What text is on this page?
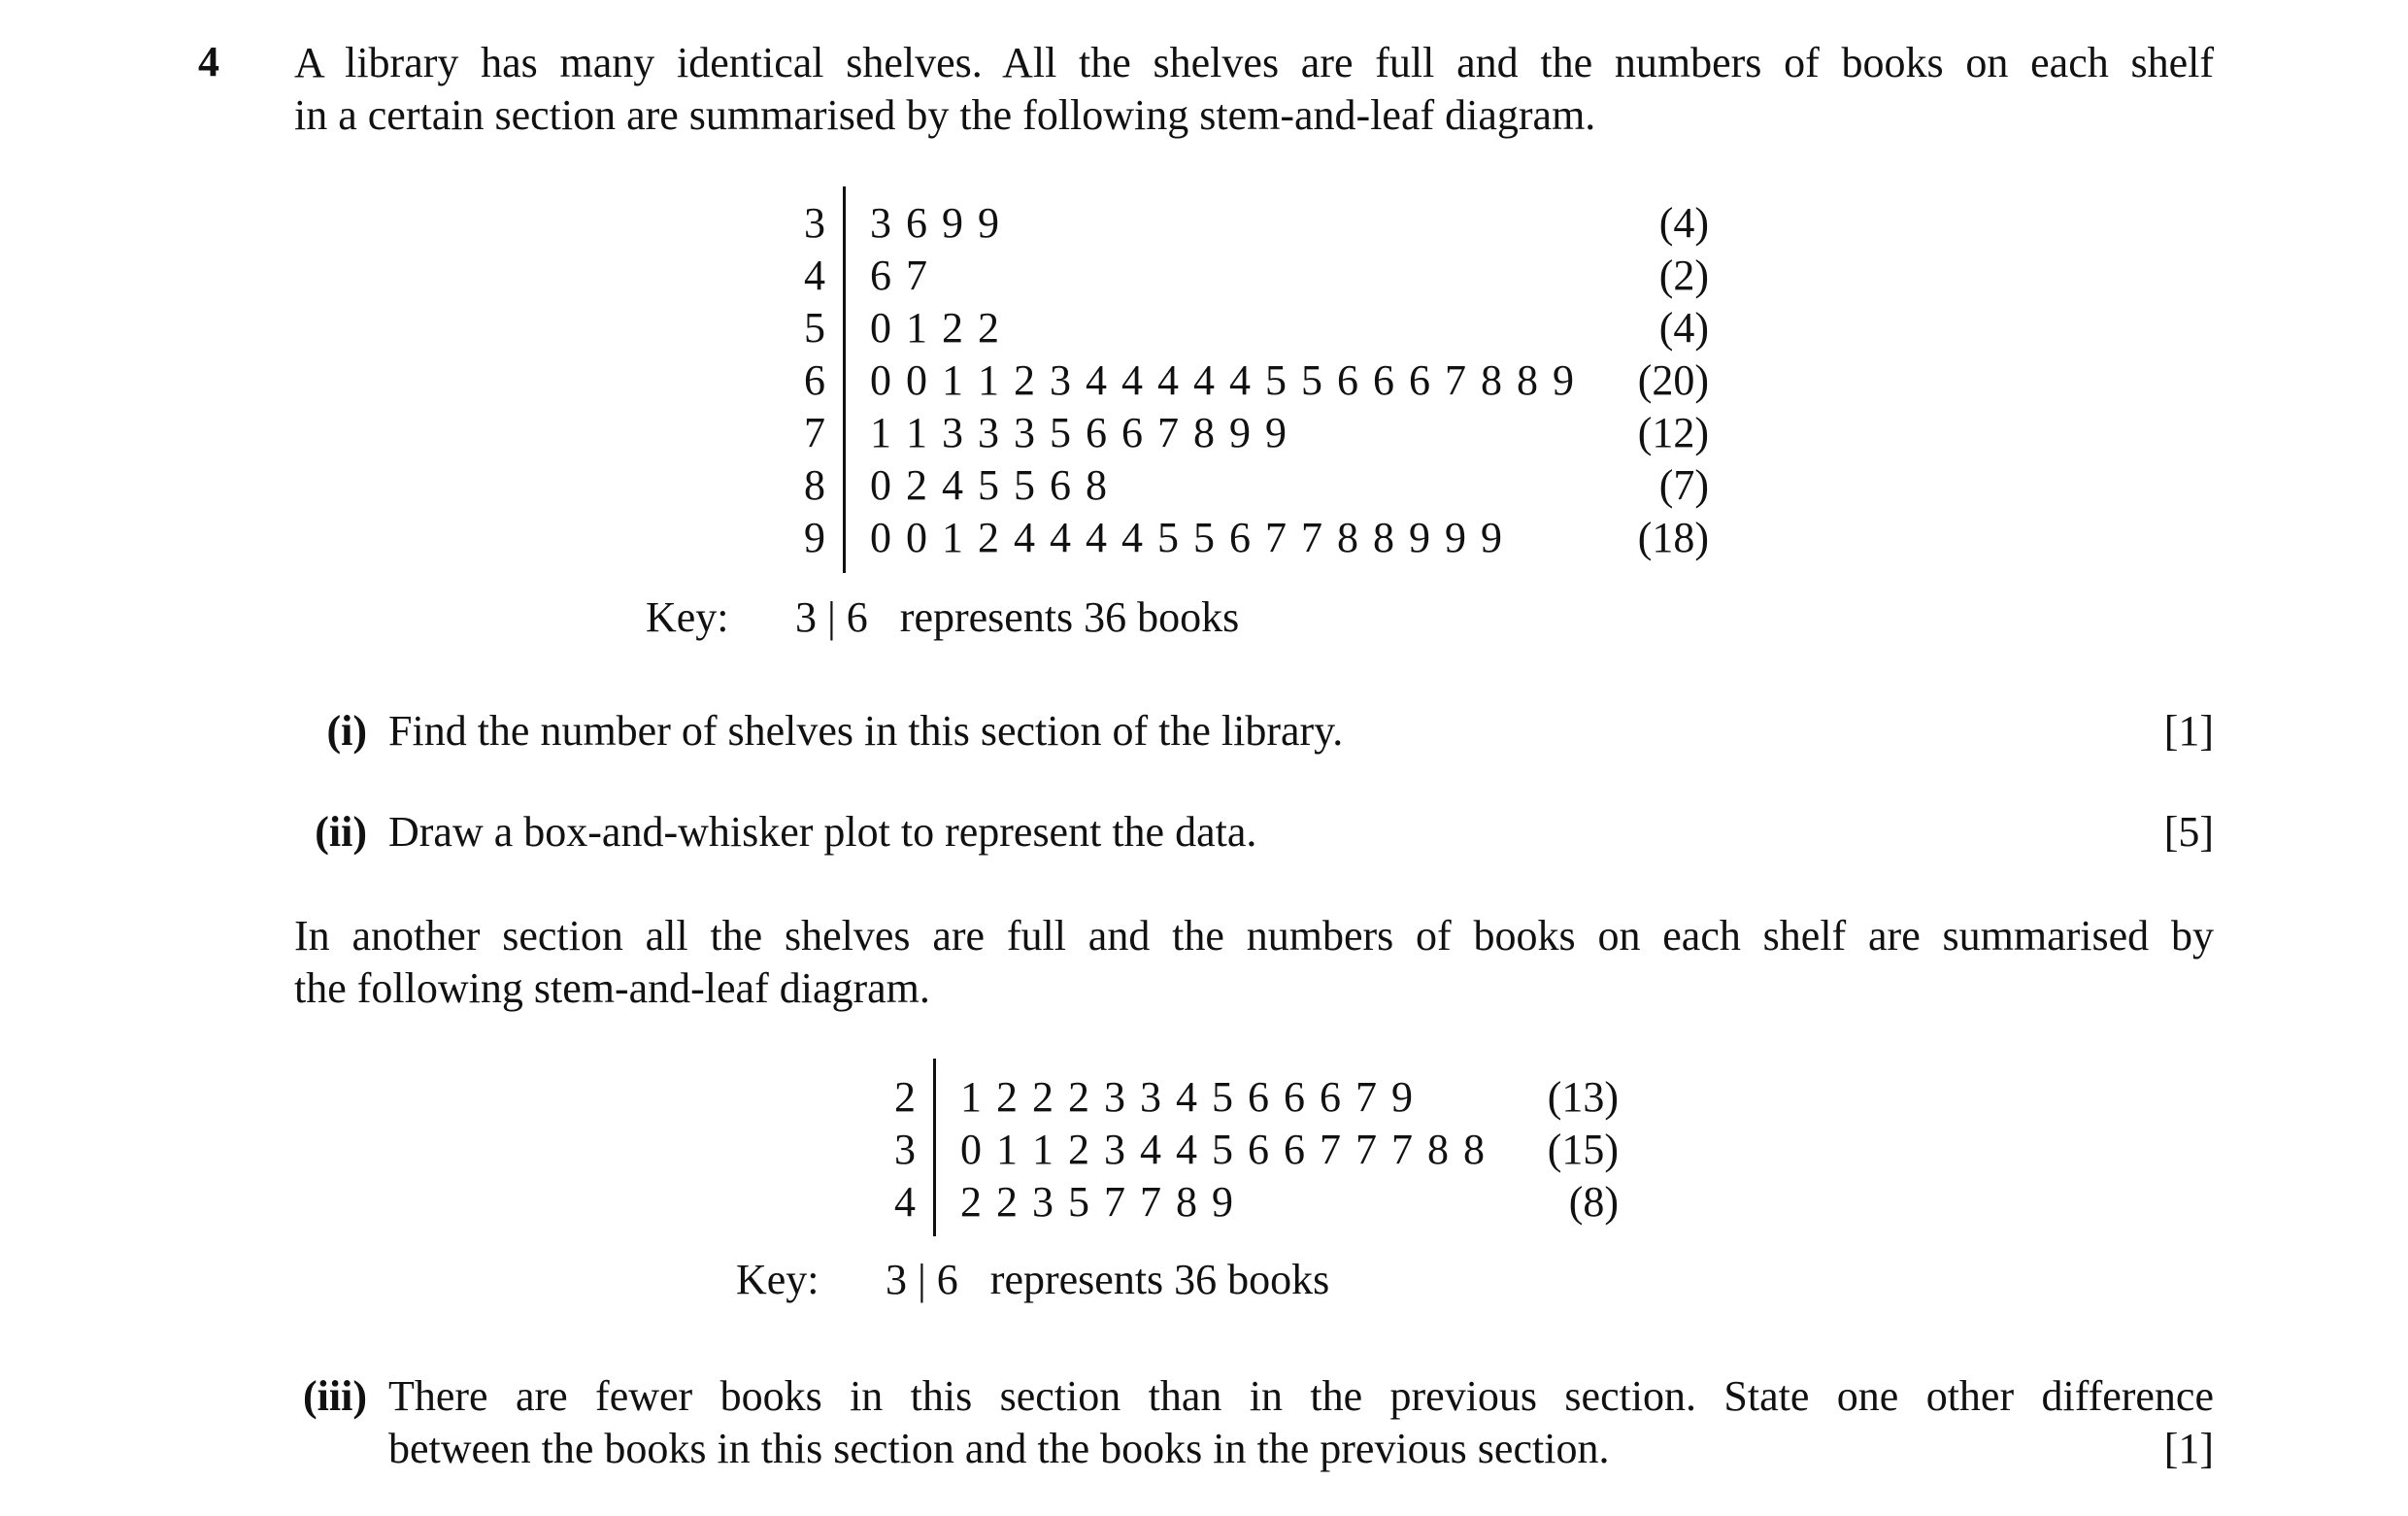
4 A library has many identical shelves. All the shelves are full and the numbers of books on each shelf
in a certain section are summarised by the following stem-and-leaf diagram.
3 3 6 9 9	(4)
4 6 7	(2)
5 0 1 2 2	(4)
6 0 0 1 1 2 3 4 4 4 4 4 5 5 6 6 6 7 8 8 9	(20)
7 1 1 3 3 3 5 6 6 7 8 9 9	(12)
8 0 2 4 5 5 6 8	(7)
9 0 0 1 2 4 4 4 4 5 5 6 7 7 8 8 9 9 9	(18)
Key: 3 | 6   represents 36 books
(i) Find the number of shelves in this section of the library.	[1]
(ii) Draw a box-and-whisker plot to represent the data.	[5]
In another section all the shelves are full and the numbers of books on each shelf are summarised by
the following stem-and-leaf diagram.
2 1 2 2 2 3 3 4 5 6 6 6 7 9	(13)
3 0 1 1 2 3 4 4 5 6 6 7 7 7 8 8	(15)
4 2 2 3 5 7 7 8 9	(8)
Key: 3 | 6   represents 36 books
(iii) There are fewer books in this section than in the previous section. State one other difference
between the books in this section and the books in the previous section.	[1]
